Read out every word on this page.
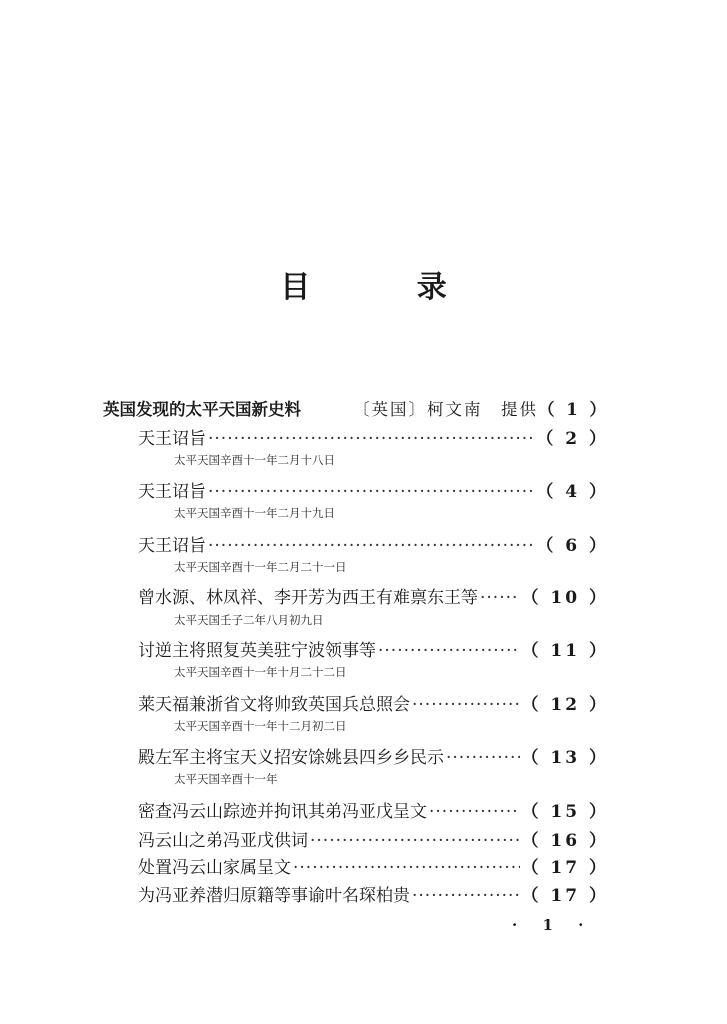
目 录
英国发现的太平天国新史料	〔英国〕柯文南　提供 （ 1 ）
天王诏旨 ·····	（ 2 ）
太平天国辛酉十一年二月十八日
天王诏旨 ·····	（ 4 ）
太平天国辛酉十一年二月十九日
天王诏旨 ·····	（ 6 ）
太平天国辛酉十一年二月二十一日
曾水源、林凤祥、李开芳为西王有难禀东王等 ·····	（ 10 ）
太平天国壬子二年八月初九日
讨逆主将照复英美驻宁波领事等 ·····	（ 11 ）
太平天国辛酉十一年十月二十二日
莱天福兼浙省文将帅致英国兵总照会 ·····	（ 12 ）
太平天国辛酉十一年十二月初二日
殿左军主将宝天义招安馀姚县四乡乡民示 ·····	（ 13 ）
太平天国辛酉十一年
密查冯云山踪迹并拘讯其弟冯亚戊呈文 ·····	（ 15 ）
冯云山之弟冯亚戊供词 ·····	（ 16 ）
处置冯云山家属呈文 ·····	（ 17 ）
为冯亚养潜归原籍等事谕叶名琛柏贵 ·····	（ 17 ）
· 1 ·
